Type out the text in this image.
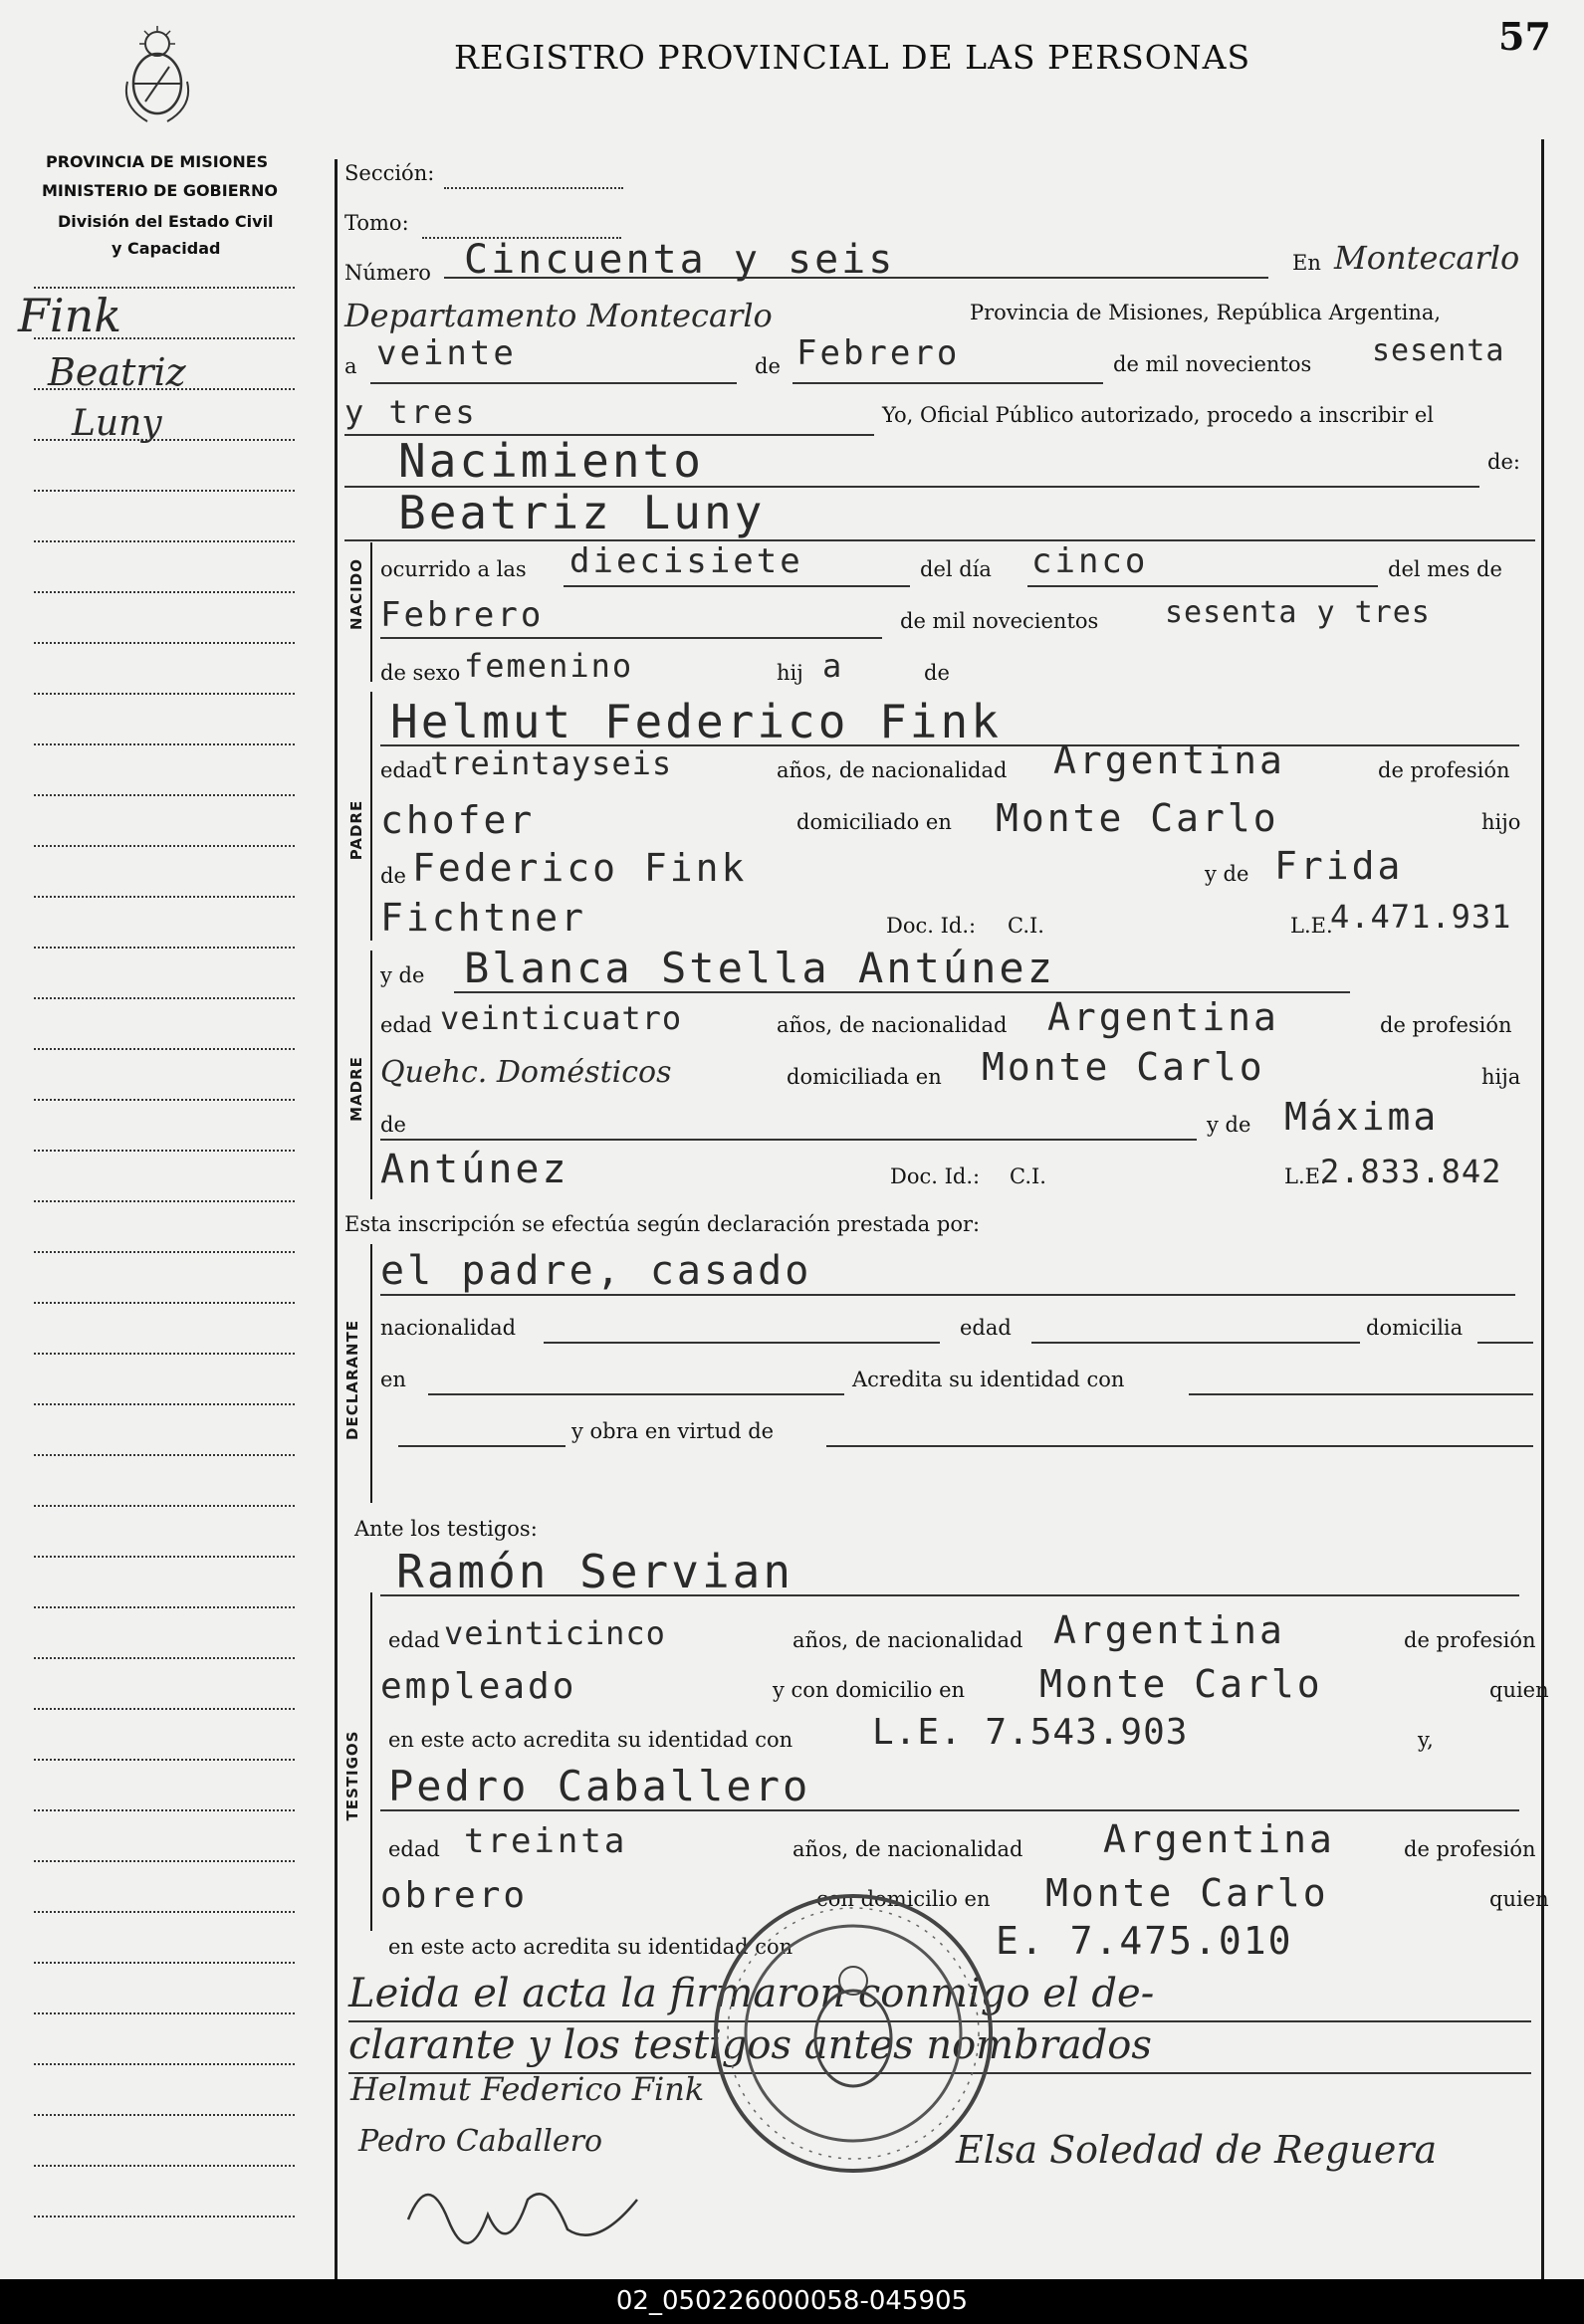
REGISTRO PROVINCIAL DE LAS PERSONAS	57
PROVINCIA DE MISIONES
MINISTERIO DE GOBIERNO
División del Estado Civil
y Capacidad
Fink
Beatriz
Luny
NACIDO
PADRE
MADRE
DECLARANTE
TESTIGOS
Sección:
Tomo:
Número Cincuenta y seis	En Montecarlo
Departamento Montecarlo	Provincia de Misiones, República Argentina,
a veinte	de Febrero	de mil novecientos sesenta
y tres	Yo, Oficial Público autorizado, procedo a inscribir el
Nacimiento	de:
Beatriz Luny
ocurrido a las diecisiete	del día cinco	del mes de
Febrero	de mil novecientos sesenta y tres
de sexo femenino	hij a	de
Helmut Federico Fink
edad
treintayseis	años, de nacionalidad Argentina	de profesión
chofer	domiciliado en Monte Carlo	hijo
de Federico Fink	y de Frida
Fichtner	Doc. Id.: C.I.	L.E.
4.471.931
y de Blanca Stella Antúnez
edad veinticuatro	años, de nacionalidad Argentina	de profesión
Quehc. Domésticos	domiciliada en Monte Carlo	hija
de	y de Máxima
Antúnez	Doc. Id.: C.I.	L.E.
2.833.842
Esta inscripción se efectúa según declaración prestada por:
el padre, casado
nacionalidad	edad	domicilia
en	Acredita su identidad con
y obra en virtud de
Ante los testigos:
Ramón Servian
edad veinticinco	años, de nacionalidad Argentina	de profesión
empleado	y con domicilio en Monte Carlo	quien
en este acto acredita su identidad con L.E. 7.543.903	y,
Pedro Caballero
edad treinta	años, de nacionalidad Argentina	de profesión
obrero	con domicilio en Monte Carlo	quien
en este acto acredita su identidad con	E. 7.475.010
Leida el acta la firmaron conmigo el de-
clarante y los testigos antes nombrados
Helmut Federico Fink
Pedro Caballero	Elsa Soledad de Reguera
02_050226000058-045905
